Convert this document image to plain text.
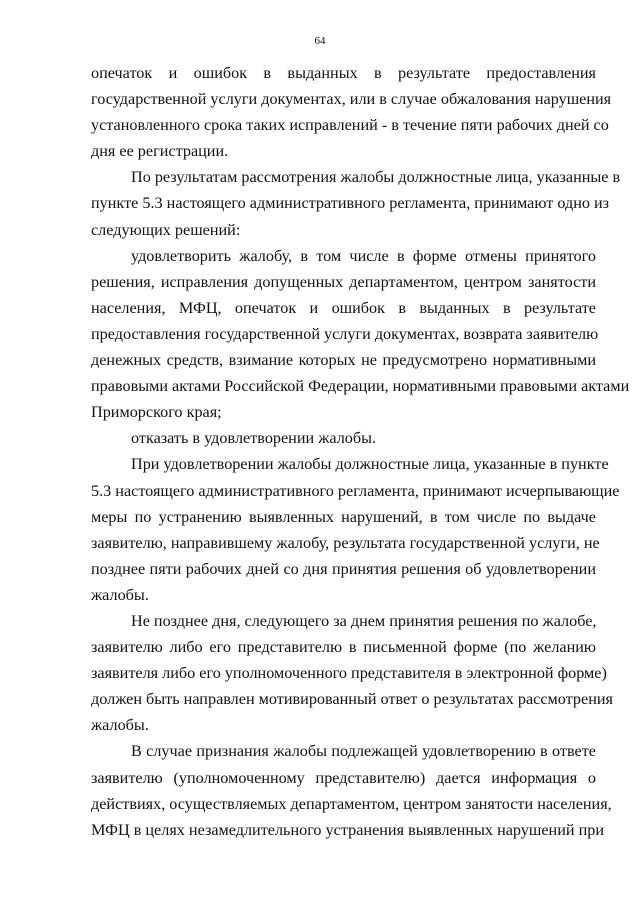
64
опечаток и ошибок в выданных в результате предоставления
государственной услуги документах, или в случае обжалования нарушения
установленного срока таких исправлений - в течение пяти рабочих дней со
дня ее регистрации.
По результатам рассмотрения жалобы должностные лица, указанные в
пункте 5.3 настоящего административного регламента, принимают одно из
следующих решений:
удовлетворить жалобу, в том числе в форме отмены принятого
решения, исправления допущенных департаментом, центром занятости
населения, МФЦ, опечаток и ошибок в выданных в результате
предоставления государственной услуги документах, возврата заявителю
денежных средств, взимание которых не предусмотрено нормативными
правовыми актами Российской Федерации, нормативными правовыми актами
Приморского края;
отказать в удовлетворении жалобы.
При удовлетворении жалобы должностные лица, указанные в пункте
5.3 настоящего административного регламента, принимают исчерпывающие
меры по устранению выявленных нарушений, в том числе по выдаче
заявителю, направившему жалобу, результата государственной услуги, не
позднее пяти рабочих дней со дня принятия решения об удовлетворении
жалобы.
Не позднее дня, следующего за днем принятия решения по жалобе,
заявителю либо его представителю в письменной форме (по желанию
заявителя либо его уполномоченного представителя в электронной форме)
должен быть направлен мотивированный ответ о результатах рассмотрения
жалобы.
В случае признания жалобы подлежащей удовлетворению в ответе
заявителю (уполномоченному представителю) дается информация о
действиях, осуществляемых департаментом, центром занятости населения,
МФЦ в целях незамедлительного устранения выявленных нарушений при
